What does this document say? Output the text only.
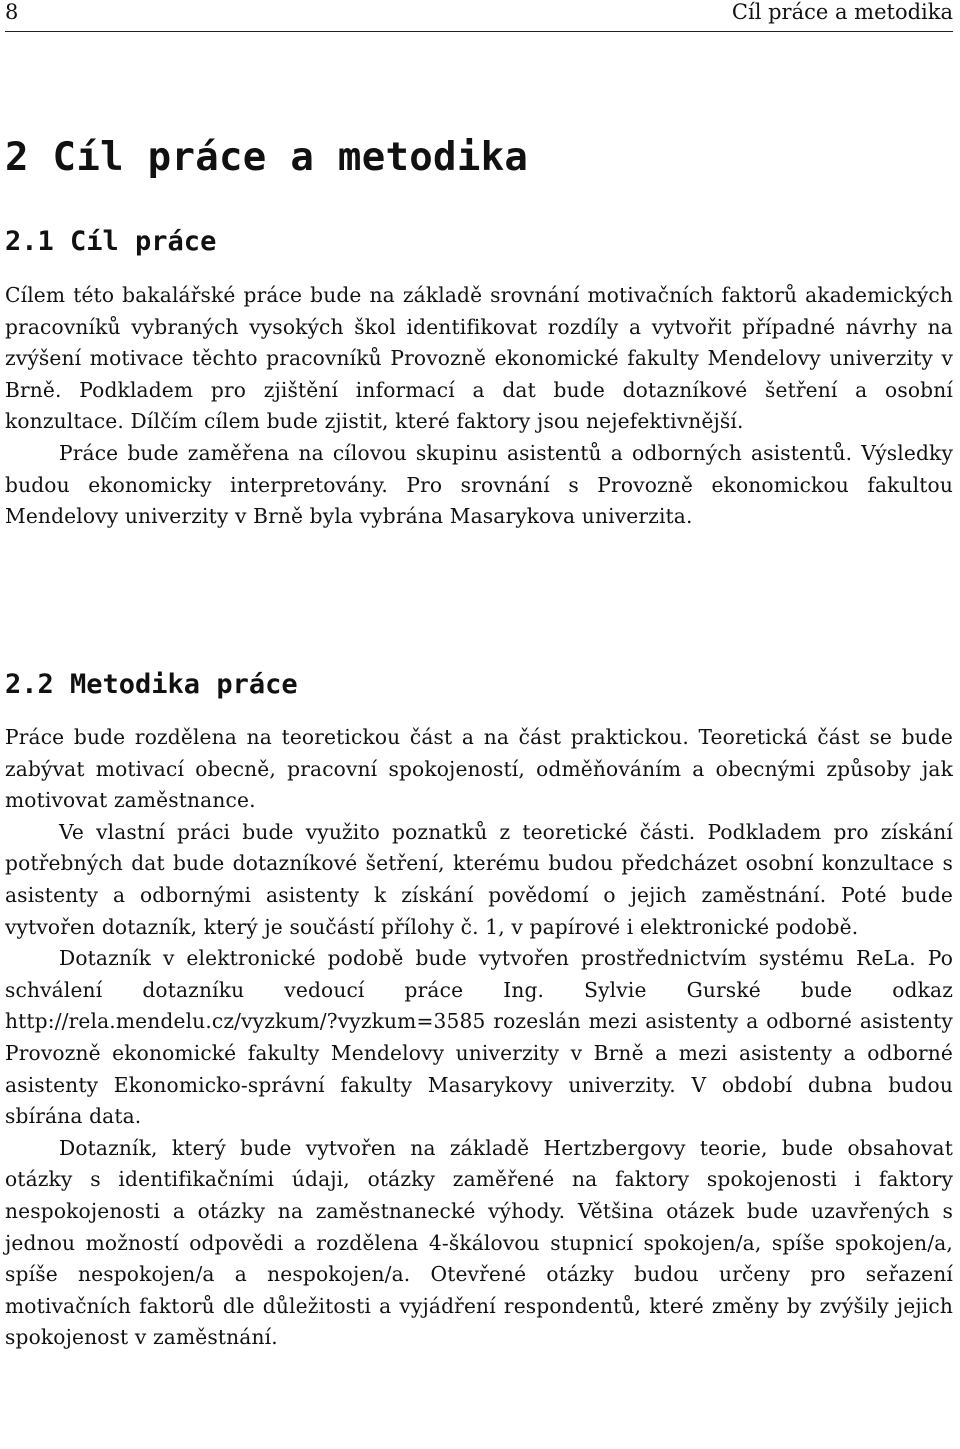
8	Cíl práce a metodika
2 Cíl práce a metodika
2.1 Cíl práce

Cílem této bakalářské práce bude na základě srovnání motivačních faktorů akademických pracovníků vybraných vysokých škol identifikovat rozdíly a vytvořit případné návrhy na zvýšení motivace těchto pracovníků Provozně ekonomické fakulty Mendelovy univerzity v Brně. Podkladem pro zjištění informací a dat bude dotazníkové šetření a osobní konzultace. Dílčím cílem bude zjistit, které faktory jsou nejefektivnější.

Práce bude zaměřena na cílovou skupinu asistentů a odborných asistentů. Výsledky budou ekonomicky interpretovány. Pro srovnání s Provozně ekonomickou fakultou Mendelovy univerzity v Brně byla vybrána Masarykova univerzita.

2.2 Metodika práce

Práce bude rozdělena na teoretickou část a na část praktickou. Teoretická část se bude zabývat motivací obecně, pracovní spokojeností, odměňováním a obecnými způsoby jak motivovat zaměstnance.

Ve vlastní práci bude využito poznatků z teoretické části. Podkladem pro získání potřebných dat bude dotazníkové šetření, kterému budou předcházet osobní konzultace s asistenty a odbornými asistenty k získání povědomí o jejich zaměstnání. Poté bude vytvořen dotazník, který je součástí přílohy č. 1, v papírové i elektronické podobě.

Dotazník v elektronické podobě bude vytvořen prostřednictvím systému ReLa. Po schválení dotazníku vedoucí práce Ing. Sylvie Gurské bude odkaz http://rela.mendelu.cz/vyzkum/?vyzkum=3585 rozeslán mezi asistenty a odborné asistenty Provozně ekonomické fakulty Mendelovy univerzity v Brně a mezi asistenty a odborné asistenty Ekonomicko-správní fakulty Masarykovy univerzity. V období dubna budou sbírána data.

Dotazník, který bude vytvořen na základě Hertzbergovy teorie, bude obsahovat otázky s identifikačními údaji, otázky zaměřené na faktory spokojenosti i faktory nespokojenosti a otázky na zaměstnanecké výhody. Většina otázek bude uzavřených s jednou možností odpovědi a rozdělena 4-škálovou stupnicí spokojen/a, spíše spokojen/a, spíše nespokojen/a a nespokojen/a. Otevřené otázky budou určeny pro seřazení motivačních faktorů dle důležitosti a vyjádření respondentů, které změny by zvýšily jejich spokojenost v zaměstnání.
